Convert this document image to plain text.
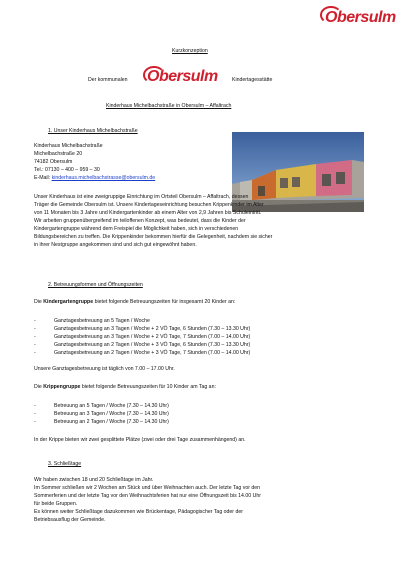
Obersulm
Kurzkonzeption
Der kommunalen Obersulm	Kindertagesstätte
Kinderhaus Michelbachstraße in Obersulm – Affaltrach
1. Unser Kinderhaus Michelbachstraße
Kinderhaus Michelbachstraße
Michelbachstraße 20
74182 Obersulm
Tel.: 07130 – 400 – 959 – 30
E-Mail: kinderhaus.michelbachstrasse@obersulm.de
Unser Kinderhaus ist eine zweigruppige Einrichtung im Ortsteil Obersulm – Affaltrach, dessen
Träger die Gemeinde Obersulm ist. Unsere Kindertageseinrichtung besuchen Krippenkinder im Alter
von 11 Monaten bis 3 Jahre und Kindergartenkinder ab einem Alter von 2,9 Jahren bis Schuleintritt.
Wir arbeiten gruppenübergreifend im teiloffenen Konzept, was bedeutet, dass die Kinder der
Kindergartengruppe während dem Freispiel die Möglichkeit haben, sich in verschiedenen
Bildungsbereichen zu treffen. Die Krippenkinder bekommen hierfür die Gelegenheit, nachdem sie sicher
in ihrer Nestgruppe angekommen sind und sich gut eingewöhnt haben.
2. Betreuungsformen und Öffnungszeiten
Die Kindergartengruppe bietet folgende Betreuungszeiten für insgesamt 20 Kinder an:
-	Ganztagesbetreuung an 5 Tagen / Woche
-	Ganztagesbetreuung an 3 Tagen / Woche + 2 VÖ Tage, 6 Stunden (7.30 – 13.30 Uhr)
-	Ganztagesbetreuung an 3 Tagen / Woche + 2 VÖ Tage, 7 Stunden (7.00 – 14.00 Uhr)
-	Ganztagesbetreuung an 2 Tagen / Woche + 3 VÖ Tage, 6 Stunden (7.30 – 13.30 Uhr)
-	Ganztagesbetreuung an 2 Tagen / Woche + 3 VÖ Tage, 7 Stunden (7.00 – 14.00 Uhr)
Unsere Ganztagesbetreuung ist täglich von 7.00 – 17.00 Uhr.
Die Krippengruppe bietet folgende Betreuungszeiten für 10 Kinder am Tag an:
-	Betreuung an 5 Tagen / Woche (7.30 – 14.30 Uhr)
-	Betreuung an 3 Tagen / Woche (7.30 – 14.30 Uhr)
-	Betreuung an 2 Tagen / Woche (7.30 – 14.30 Uhr)
In der Krippe bieten wir zwei gesplittete Plätze (zwei oder drei Tage zusammenhängend) an.
3. Schließtage
Wir haben zwischen 18 und 20 Schließtage im Jahr.
Im Sommer schließen wir 2 Wochen am Stück und über Weihnachten auch. Der letzte Tag vor den
Sommerferien und der letzte Tag vor den Weihnachtsferien hat nur eine Öffnungszeit bis 14.00 Uhr
für beide Gruppen.
Es können weiter Schließtage dazukommen wie Brückentage, Pädagogischer Tag oder der
Betriebsausflug der Gemeinde.
